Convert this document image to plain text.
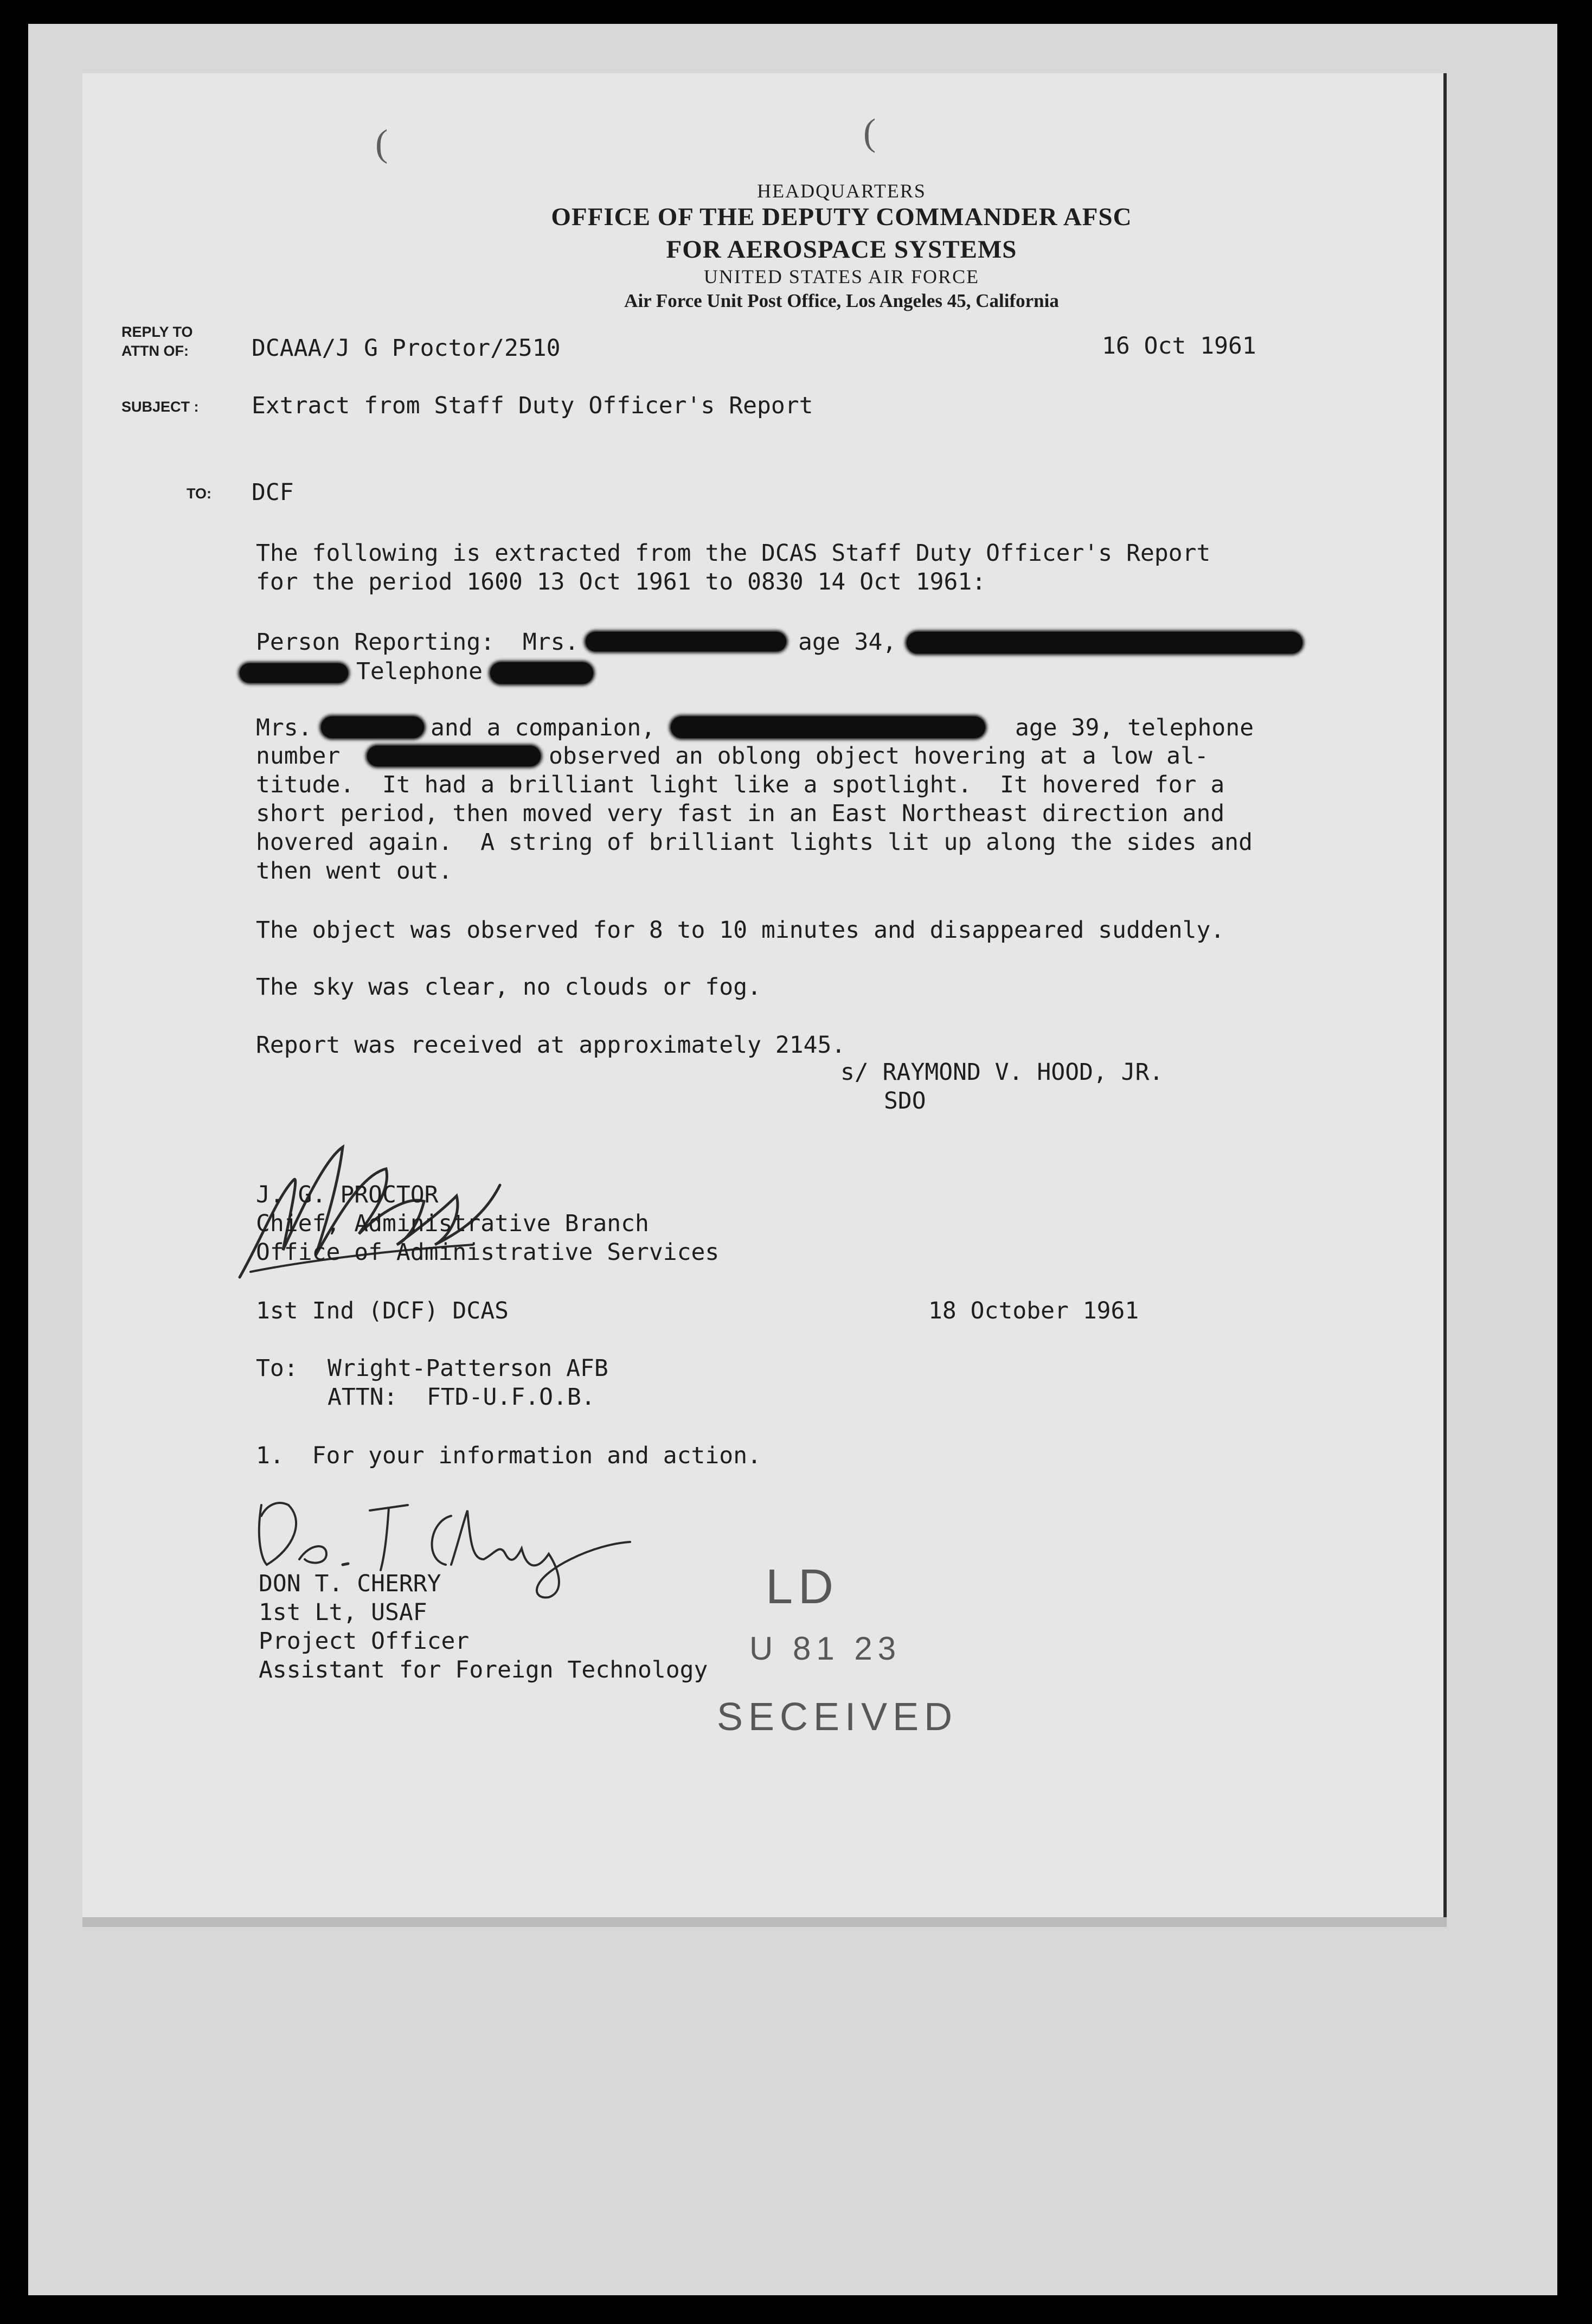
(	(
HEADQUARTERS
OFFICE OF THE DEPUTY COMMANDER AFSC
FOR AEROSPACE SYSTEMS
UNITED STATES AIR FORCE
Air Force Unit Post Office, Los Angeles 45, California
REPLY TO
ATTN OF:	DCAAA/J G Proctor/2510	16 Oct 1961
SUBJECT : Extract from Staff Duty Officer's Report
TO: DCF
The following is extracted from the DCAS Staff Duty Officer's Report
for the period 1600 13 Oct 1961 to 0830 14 Oct 1961:
Person Reporting:  Mrs.	age 34,
Telephone
Mrs.	and a companion,	age 39, telephone
number	observed an oblong object hovering at a low al-
titude.  It had a brilliant light like a spotlight.  It hovered for a
short period, then moved very fast in an East Northeast direction and
hovered again.  A string of brilliant lights lit up along the sides and
then went out.
The object was observed for 8 to 10 minutes and disappeared suddenly.
The sky was clear, no clouds or fog.
Report was received at approximately 2145.
s/ RAYMOND V. HOOD, JR.
SDO
J. G. PROCTOR
Chief, Administrative Branch
Office of Administrative Services
1st Ind (DCF) DCAS	18 October 1961
To: Wright-Patterson AFB
ATTN: FTD-U.F.O.B.
1.  For your information and action.
DON T. CHERRY
1st Lt, USAF
Project Officer
Assistant for Foreign Technology
LD
U 81 23
SECEIVED
